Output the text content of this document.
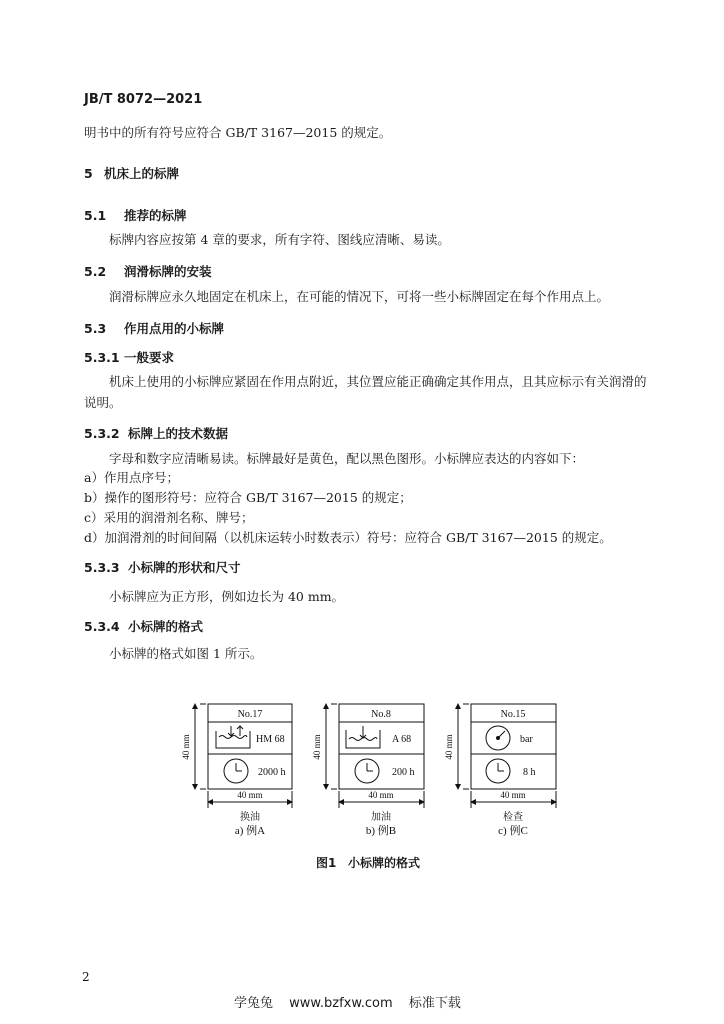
JB/T 8072—2021
明书中的所有符号应符合 GB/T 3167—2015 的规定。
5 机床上的标牌
5.1 推荐的标牌
标牌内容应按第 4 章的要求，所有字符、图线应清晰、易读。
5.2 润滑标牌的安装
润滑标牌应永久地固定在机床上，在可能的情况下，可将一些小标牌固定在每个作用点上。
5.3 作用点用的小标牌
5.3.1 一般要求
机床上使用的小标牌应紧固在作用点附近，其位置应能正确确定其作用点，且其应标示有关润滑的
说明。
5.3.2 标牌上的技术数据
字母和数字应清晰易读。标牌最好是黄色，配以黑色图形。小标牌应表达的内容如下：
a）作用点序号；
b）操作的图形符号：应符合 GB/T 3167—2015 的规定；
c）采用的润滑剂名称、牌号；
d）加润滑剂的时间间隔（以机床运转小时数表示）符号：应符合 GB/T 3167—2015 的规定。
5.3.3 小标牌的形状和尺寸
小标牌应为正方形，例如边长为 40 mm。
5.3.4 小标牌的格式
小标牌的格式如图 1 所示。
No.17
HM 68
2000 h
40 mm
40 mm
换油
a) 例A
No.8
A 68
200 h
40 mm
40 mm
加油
b) 例B
No.15
bar
8 h
40 mm
40 mm
检查
c) 例C
图1 小标牌的格式
2
学兔兔 www.bzfxw.com 标准下载
